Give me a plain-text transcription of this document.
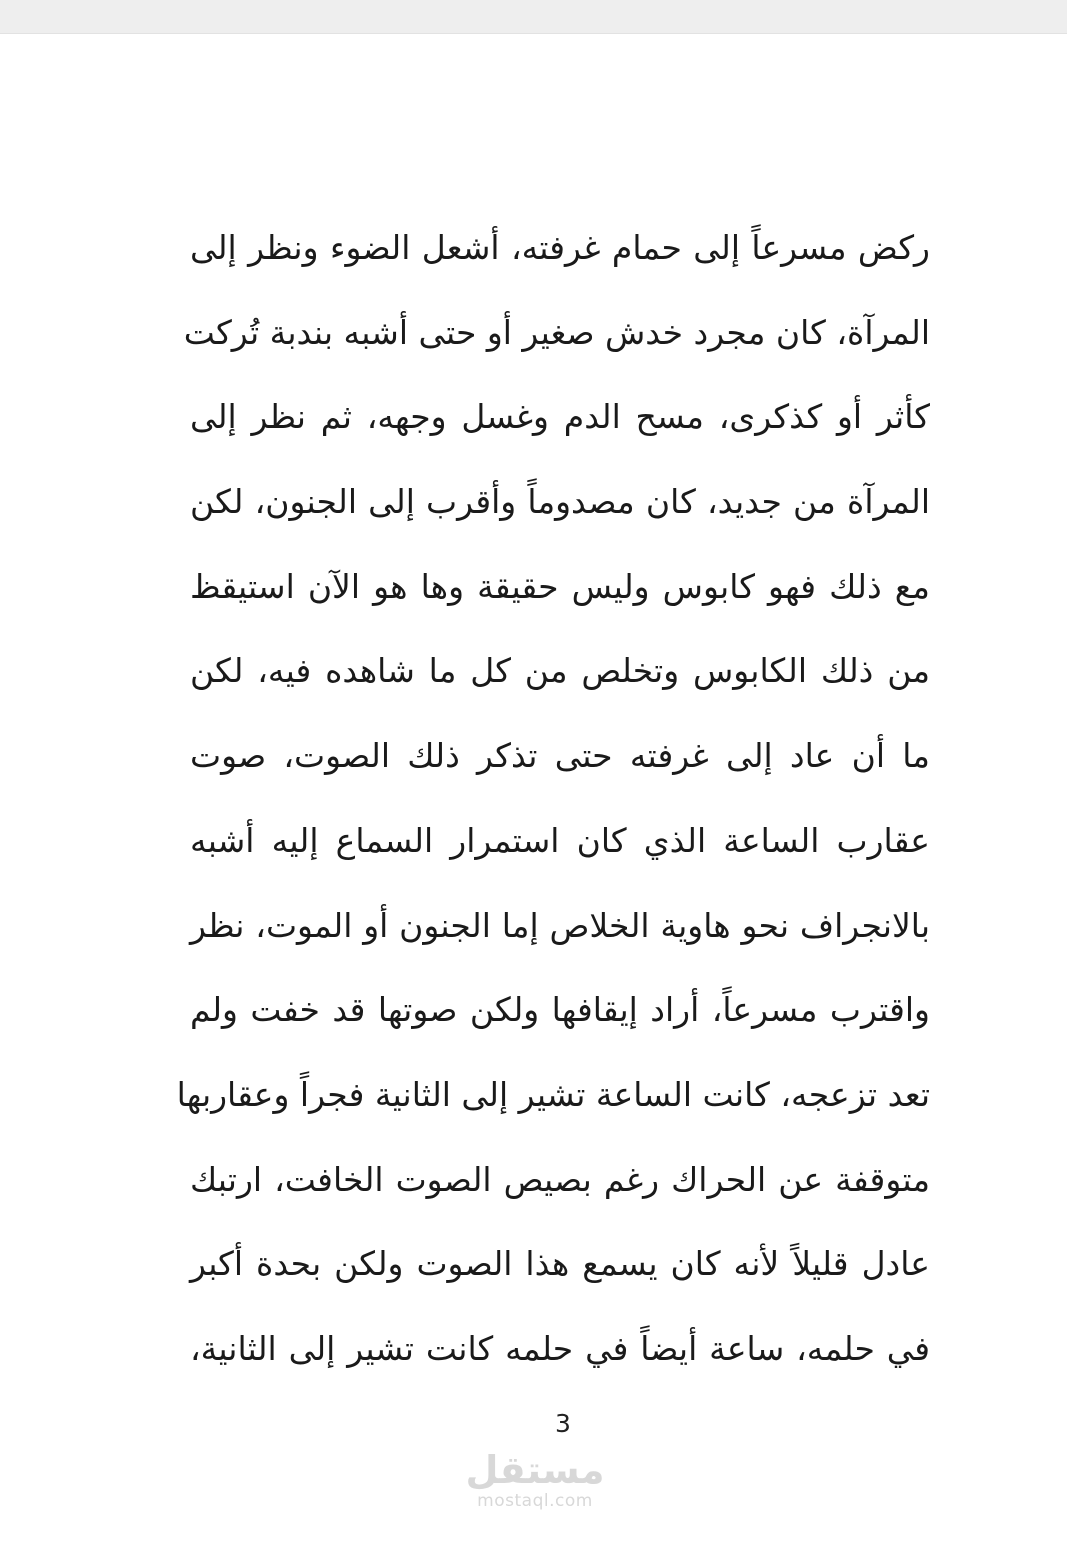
ركض مسرعاً إلى حمام غرفته، أشعل الضوء ونظر إلى
المرآة، كان مجرد خدش صغير أو حتى أشبه بندبة تُركت
كأثر أو كذكرى، مسح الدم وغسل وجهه، ثم نظر إلى
المرآة من جديد، كان مصدوماً وأقرب إلى الجنون، لكن
مع ذلك فهو كابوس وليس حقيقة وها هو الآن استيقظ
من ذلك الكابوس وتخلص من كل ما شاهده فيه، لكن
ما أن عاد إلى غرفته حتى تذكر ذلك الصوت، صوت
عقارب الساعة الذي كان استمرار السماع إليه أشبه
بالانجراف نحو هاوية الخلاص إما الجنون أو الموت، نظر
واقترب مسرعاً، أراد إيقافها ولكن صوتها قد خفت ولم
تعد تزعجه، كانت الساعة تشير إلى الثانية فجراً وعقاربها
متوقفة عن الحراك رغم بصيص الصوت الخافت، ارتبك
عادل قليلاً لأنه كان يسمع هذا الصوت ولكن بحدة أكبر
في حلمه، ساعة أيضاً في حلمه كانت تشير إلى الثانية،
3
مستقل
mostaql.com
